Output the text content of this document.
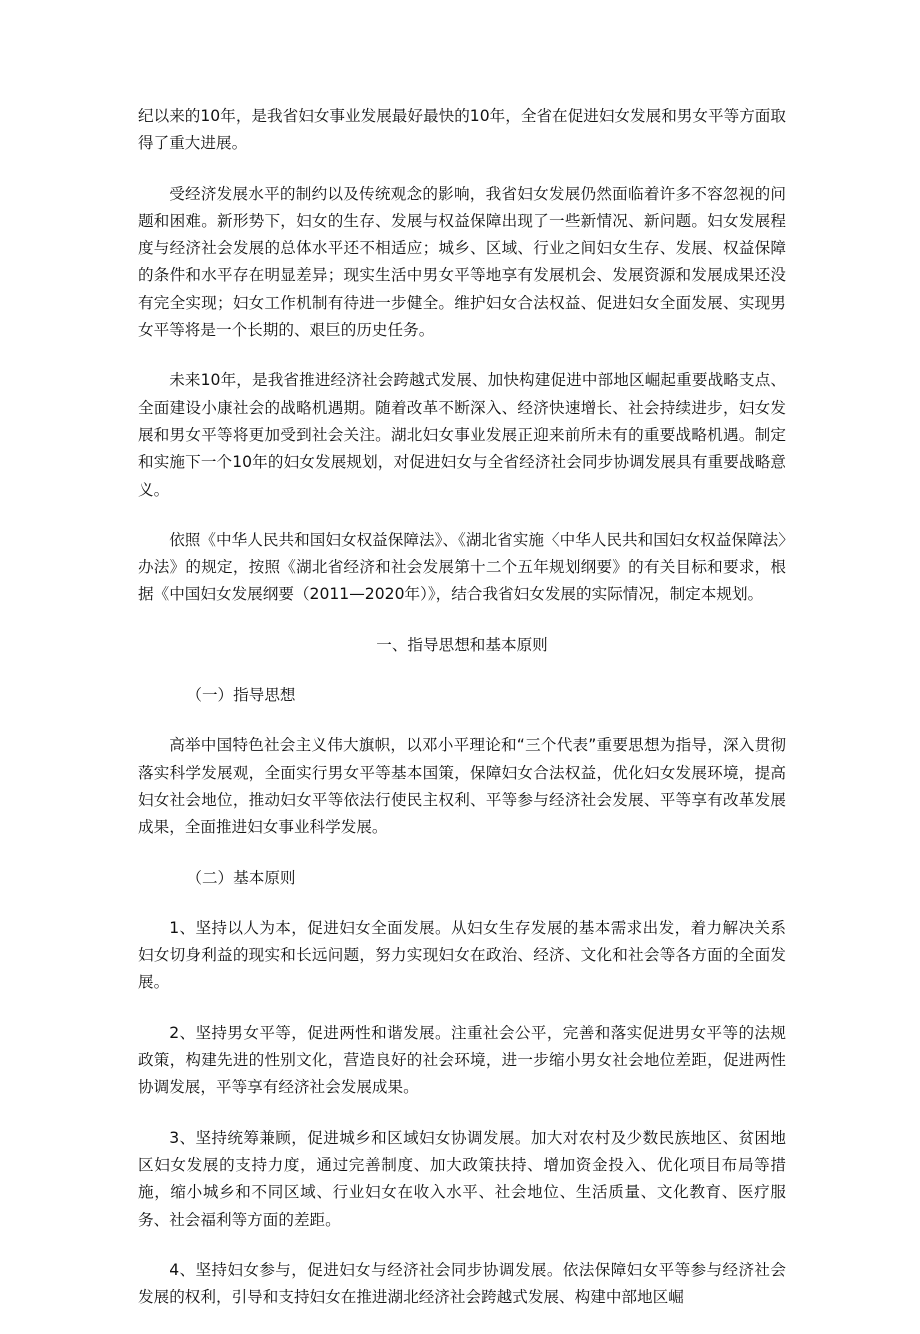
纪以来的10年，是我省妇女事业发展最好最快的10年，全省在促进妇女发展和男女平等方面取得了重大进展。

受经济发展水平的制约以及传统观念的影响，我省妇女发展仍然面临着许多不容忽视的问题和困难。新形势下，妇女的生存、发展与权益保障出现了一些新情况、新问题。妇女发展程度与经济社会发展的总体水平还不相适应；城乡、区域、行业之间妇女生存、发展、权益保障的条件和水平存在明显差异；现实生活中男女平等地享有发展机会、发展资源和发展成果还没有完全实现；妇女工作机制有待进一步健全。维护妇女合法权益、促进妇女全面发展、实现男女平等将是一个长期的、艰巨的历史任务。

未来10年，是我省推进经济社会跨越式发展、加快构建促进中部地区崛起重要战略支点、全面建设小康社会的战略机遇期。随着改革不断深入、经济快速增长、社会持续进步，妇女发展和男女平等将更加受到社会关注。湖北妇女事业发展正迎来前所未有的重要战略机遇。制定和实施下一个10年的妇女发展规划，对促进妇女与全省经济社会同步协调发展具有重要战略意义。

依照《中华人民共和国妇女权益保障法》、《湖北省实施〈中华人民共和国妇女权益保障法〉办法》的规定，按照《湖北省经济和社会发展第十二个五年规划纲要》的有关目标和要求，根据《中国妇女发展纲要（2011—2020年）》，结合我省妇女发展的实际情况，制定本规划。

一、指导思想和基本原则

（一）指导思想

高举中国特色社会主义伟大旗帜，以邓小平理论和“三个代表”重要思想为指导，深入贯彻落实科学发展观，全面实行男女平等基本国策，保障妇女合法权益，优化妇女发展环境，提高妇女社会地位，推动妇女平等依法行使民主权利、平等参与经济社会发展、平等享有改革发展成果，全面推进妇女事业科学发展。

（二）基本原则

1、坚持以人为本，促进妇女全面发展。从妇女生存发展的基本需求出发，着力解决关系妇女切身利益的现实和长远问题，努力实现妇女在政治、经济、文化和社会等各方面的全面发展。

2、坚持男女平等，促进两性和谐发展。注重社会公平，完善和落实促进男女平等的法规政策，构建先进的性别文化，营造良好的社会环境，进一步缩小男女社会地位差距，促进两性协调发展，平等享有经济社会发展成果。

3、坚持统筹兼顾，促进城乡和区域妇女协调发展。加大对农村及少数民族地区、贫困地区妇女发展的支持力度，通过完善制度、加大政策扶持、增加资金投入、优化项目布局等措施，缩小城乡和不同区域、行业妇女在收入水平、社会地位、生活质量、文化教育、医疗服务、社会福利等方面的差距。

4、坚持妇女参与，促进妇女与经济社会同步协调发展。依法保障妇女平等参与经济社会发展的权利，引导和支持妇女在推进湖北经济社会跨越式发展、构建中部地区崛
